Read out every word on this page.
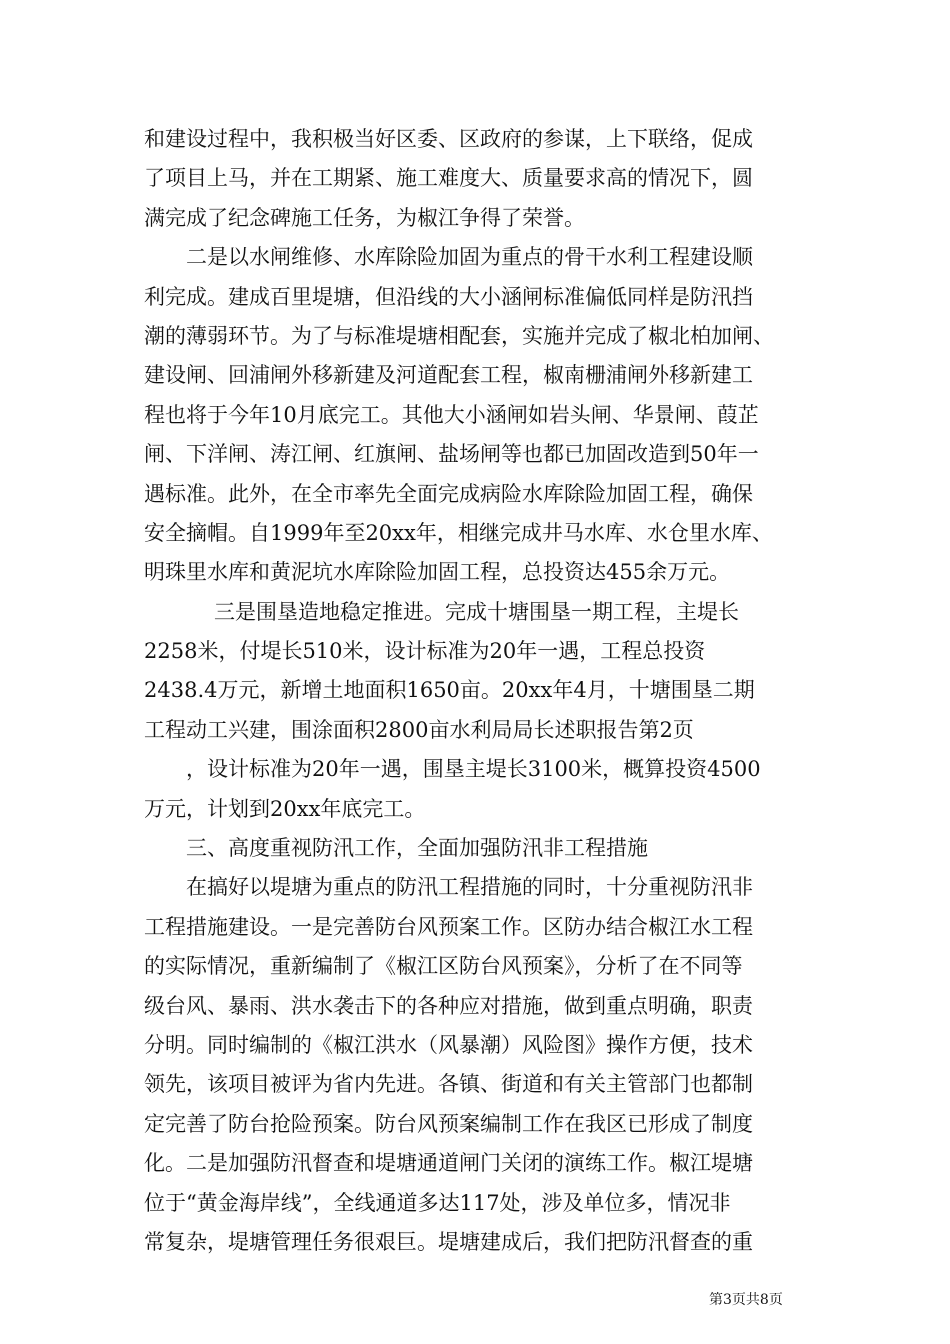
和建设过程中，我积极当好区委、区政府的参谋，上下联络，促成
了项目上马，并在工期紧、施工难度大、质量要求高的情况下，圆
满完成了纪念碑施工任务，为椒江争得了荣誉。
二是以水闸维修、水库除险加固为重点的骨干水利工程建设顺
利完成。建成百里堤塘，但沿线的大小涵闸标准偏低同样是防汛挡
潮的薄弱环节。为了与标准堤塘相配套，实施并完成了椒北柏加闸、
建设闸、回浦闸外移新建及河道配套工程，椒南栅浦闸外移新建工
程也将于今年10月底完工。其他大小涵闸如岩头闸、华景闸、葭芷
闸、下洋闸、涛江闸、红旗闸、盐场闸等也都已加固改造到50年一
遇标准。此外，在全市率先全面完成病险水库除险加固工程，确保
安全摘帽。自1999年至20xx年，相继完成井马水库、水仓里水库、
明珠里水库和黄泥坑水库除险加固工程，总投资达455余万元。
三是围垦造地稳定推进。完成十塘围垦一期工程，主堤长
2258米，付堤长510米，设计标准为20年一遇，工程总投资
2438.4万元，新增土地面积1650亩。20xx年4月，十塘围垦二期
工程动工兴建，围涂面积2800亩水利局局长述职报告第2页
，设计标准为20年一遇，围垦主堤长3100米，概算投资4500
万元，计划到20xx年底完工。
三、高度重视防汛工作，全面加强防汛非工程措施
在搞好以堤塘为重点的防汛工程措施的同时，十分重视防汛非
工程措施建设。一是完善防台风预案工作。区防办结合椒江水工程
的实际情况，重新编制了《椒江区防台风预案》，分析了在不同等
级台风、暴雨、洪水袭击下的各种应对措施，做到重点明确，职责
分明。同时编制的《椒江洪水（风暴潮）风险图》操作方便，技术
领先，该项目被评为省内先进。各镇、街道和有关主管部门也都制
定完善了防台抢险预案。防台风预案编制工作在我区已形成了制度
化。二是加强防汛督查和堤塘通道闸门关闭的演练工作。椒江堤塘
位于“黄金海岸线”，全线通道多达117处，涉及单位多，情况非
常复杂，堤塘管理任务很艰巨。堤塘建成后，我们把防汛督查的重
第3页共8页
